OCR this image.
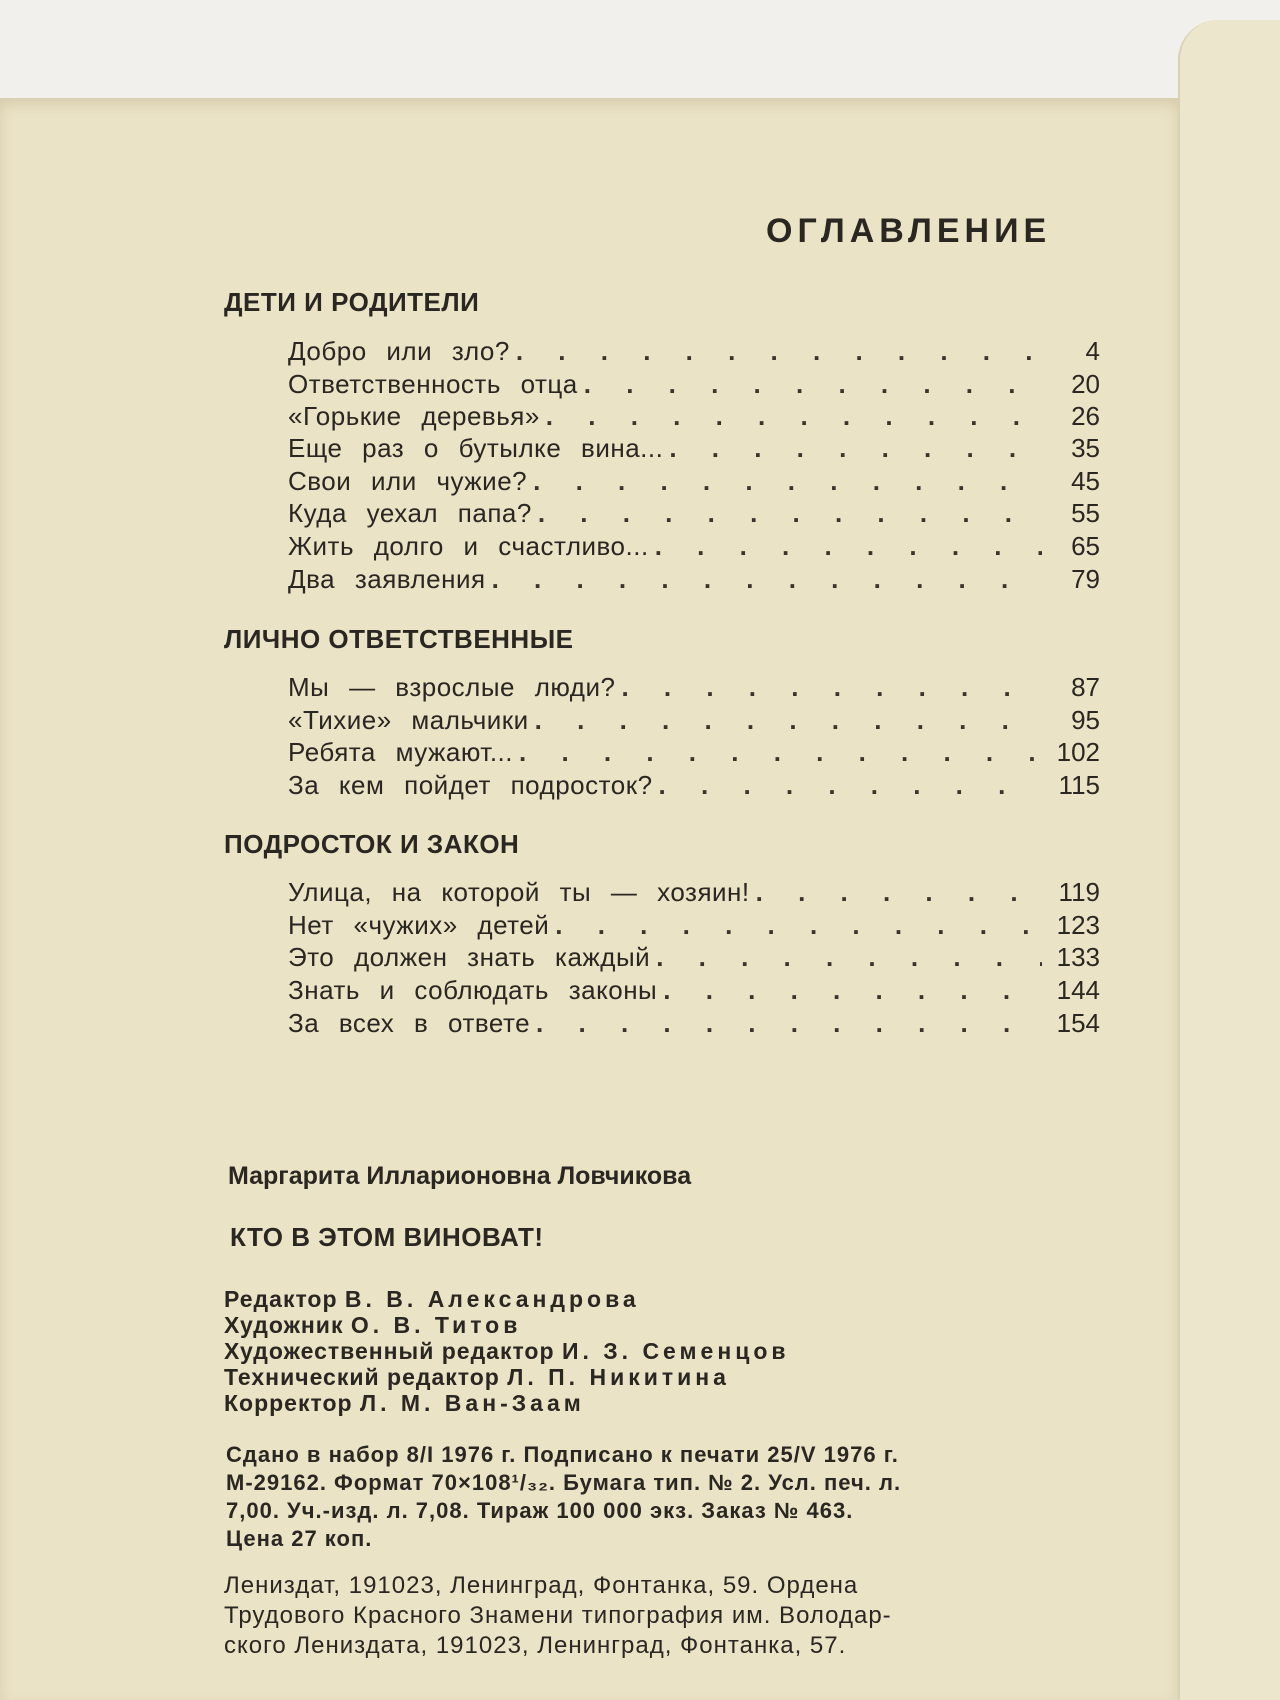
ОГЛАВЛЕНИЕ
ДЕТИ И РОДИТЕЛИ
Добро или зло? . . .	4
Ответственность отца . . .	20
«Горькие деревья» . . .	26
Еще раз о бутылке вина... . . .	35
Свои или чужие? . . .	45
Куда уехал папа? . . .	55
Жить долго и счастливо... . . .	65
Два заявления . . .	79
ЛИЧНО ОТВЕТСТВЕННЫЕ
Мы — взрослые люди? . . .	87
«Тихие» мальчики . . .	95
Ребята мужают... . . .	102
За кем пойдет подросток? . . .	115
ПОДРОСТОК И ЗАКОН
Улица, на которой ты — хозяин! . . .	119
Нет «чужих» детей . . .	123
Это должен знать каждый . . .	133
Знать и соблюдать законы . . .	144
За всех в ответе . . .	154
Маргарита Илларионовна Ловчикова
КТО В ЭТОМ ВИНОВАТ!
Редактор В. В. Александрова
Художник О. В. Титов
Художественный редактор И. З. Семенцов
Технический редактор Л. П. Никитина
Корректор Л. М. Ван-Заам
Сдано в набор 8/I 1976 г. Подписано к печати 25/V 1976 г.
М-29162. Формат 70×108¹/₃₂. Бумага тип. № 2. Усл. печ. л.
7,00. Уч.-изд. л. 7,08. Тираж 100 000 экз. Заказ № 463.
Цена 27 коп.
Лениздат, 191023, Ленинград, Фонтанка, 59. Ордена
Трудового Красного Знамени типография им. Володар-
ского Лениздата, 191023, Ленинград, Фонтанка, 57.
